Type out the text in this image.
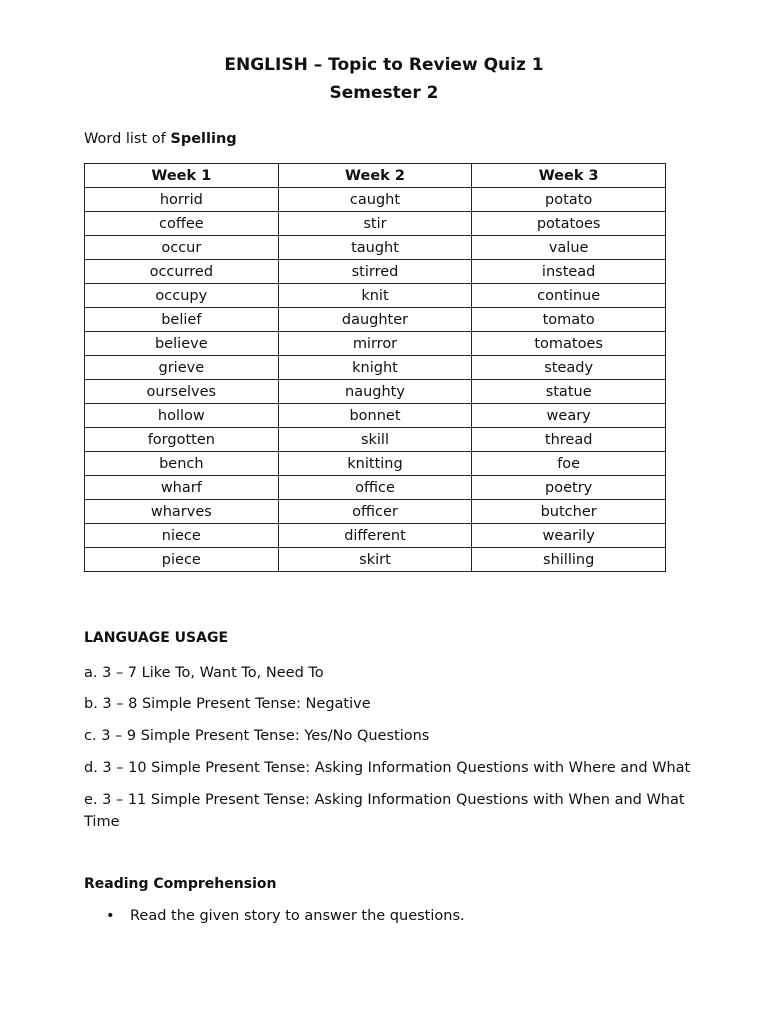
ENGLISH – Topic to Review Quiz 1
Semester 2
Word list of Spelling
Week 1	Week 2	Week 3
horrid	caught	potato
coffee	stir	potatoes
occur	taught	value
occurred	stirred	instead
occupy	knit	continue
belief	daughter	tomato
believe	mirror	tomatoes
grieve	knight	steady
ourselves	naughty	statue
hollow	bonnet	weary
forgotten	skill	thread
bench	knitting	foe
wharf	office	poetry
wharves	officer	butcher
niece	different	wearily
piece	skirt	shilling
LANGUAGE USAGE
a. 3 – 7 Like To, Want To, Need To
b. 3 – 8 Simple Present Tense: Negative
c. 3 – 9 Simple Present Tense: Yes/No Questions
d. 3 – 10 Simple Present Tense: Asking Information Questions with Where and What
e. 3 – 11 Simple Present Tense: Asking Information Questions with When and What Time
Reading Comprehension
• Read the given story to answer the questions.
